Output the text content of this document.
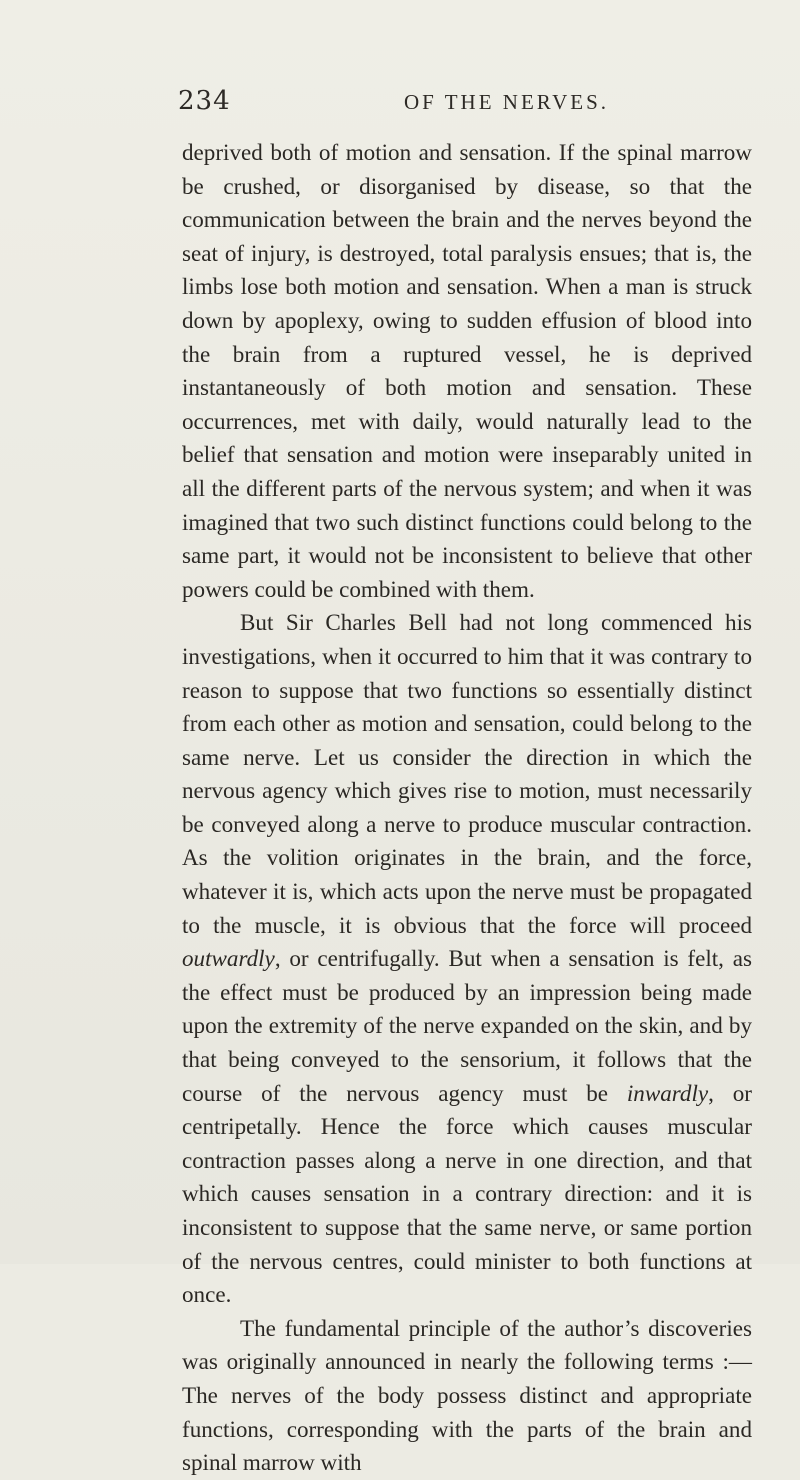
234	OF THE NERVES.

deprived both of motion and sensation. If the spinal marrow be crushed, or disorganised by disease, so that the communication between the brain and the nerves beyond the seat of injury, is destroyed, total paralysis ensues; that is, the limbs lose both motion and sensation. When a man is struck down by apoplexy, owing to sudden effusion of blood into the brain from a ruptured vessel, he is deprived instantaneously of both motion and sensation. These occurrences, met with daily, would naturally lead to the belief that sensation and motion were inseparably united in all the different parts of the nervous system; and when it was imagined that two such distinct functions could belong to the same part, it would not be inconsistent to believe that other powers could be combined with them.

But Sir Charles Bell had not long commenced his investigations, when it occurred to him that it was contrary to reason to suppose that two functions so essentially distinct from each other as motion and sensation, could belong to the same nerve. Let us consider the direction in which the nervous agency which gives rise to motion, must necessarily be conveyed along a nerve to produce muscular contraction. As the volition originates in the brain, and the force, whatever it is, which acts upon the nerve must be propagated to the muscle, it is obvious that the force will proceed outwardly, or centrifugally. But when a sensation is felt, as the effect must be produced by an impression being made upon the extremity of the nerve expanded on the skin, and by that being conveyed to the sensorium, it follows that the course of the nervous agency must be inwardly, or centripetally. Hence the force which causes muscular contraction passes along a nerve in one direction, and that which causes sensation in a contrary direction: and it is inconsistent to suppose that the same nerve, or same portion of the nervous centres, could minister to both functions at once.

The fundamental principle of the author’s discoveries was originally announced in nearly the following terms :—The nerves of the body possess distinct and appropriate functions, corresponding with the parts of the brain and spinal marrow with
